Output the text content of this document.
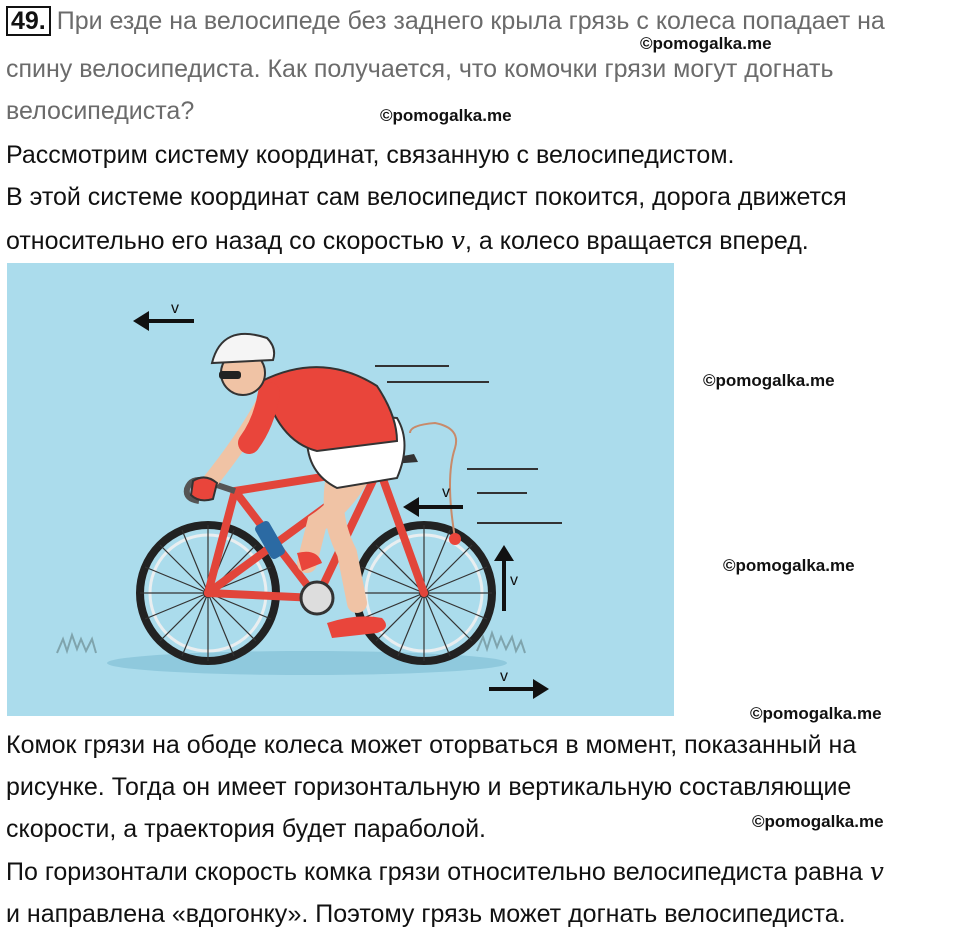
49. При езде на велосипеде без заднего крыла грязь с колеса попадает на
спину велосипедиста. Как получается, что комочки грязи могут догнать
велосипедиста?
Рассмотрим систему координат, связанную с велосипедистом.
В этой системе координат сам велосипедист покоится, дорога движется
относительно его назад со скоростью v, а колесо вращается вперед.
v
v
v
v
Комок грязи на ободе колеса может оторваться в момент, показанный на
рисунке. Тогда он имеет горизонтальную и вертикальную составляющие
скорости, а траектория будет параболой.
По горизонтали скорость комка грязи относительно велосипедиста равна v
и направлена «вдогонку». Поэтому грязь может догнать велосипедиста.
©pomogalka.me
©pomogalka.me
©pomogalka.me
©pomogalka.me
©pomogalka.me
©pomogalka.me
